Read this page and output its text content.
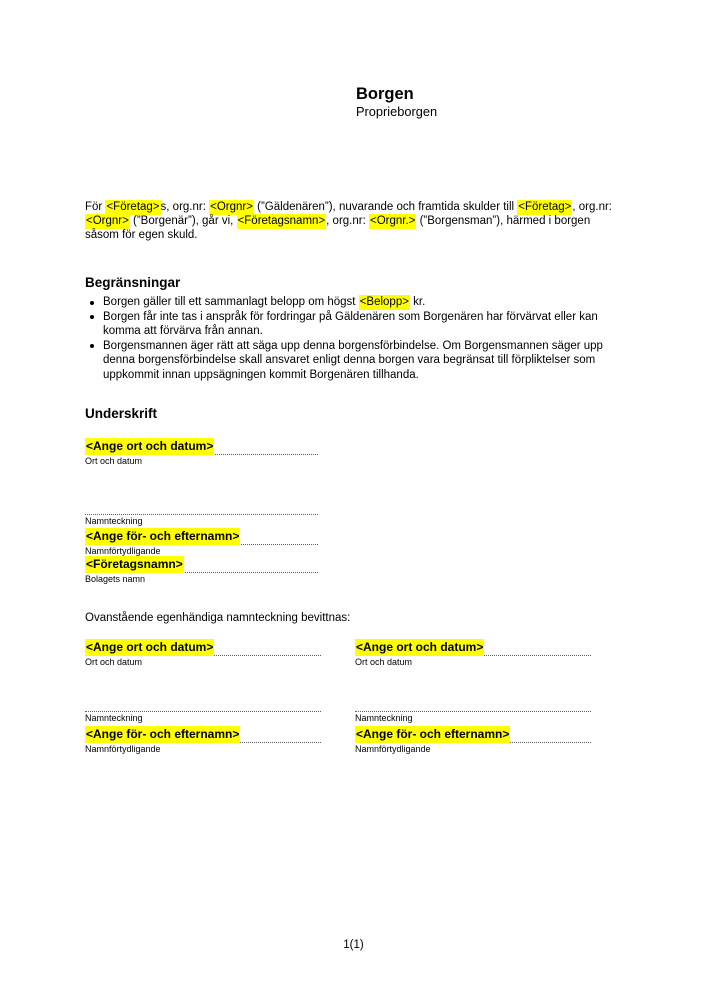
Borgen
Proprieborgen

För <Företag>s, org.nr: <Orgnr> (”Gäldenären”), nuvarande och framtida skulder till <Företag>, org.nr: <Orgnr> (”Borgenär”), går vi, <Företagsnamn>, org.nr: <Orgnr.> (”Borgensman”), härmed i borgen såsom för egen skuld.

Begränsningar
Borgen gäller till ett sammanlagt belopp om högst <Belopp> kr.
Borgen får inte tas i anspråk för fordringar på Gäldenären som Borgenären har förvärvat eller kan komma att förvärva från annan.
Borgensmannen äger rätt att säga upp denna borgensförbindelse. Om Borgensmannen säger upp denna borgensförbindelse skall ansvaret enligt denna borgen vara begränsat till förpliktelser som uppkommit innan uppsägningen kommit Borgenären tillhanda.
Underskrift
<Ange ort och datum>
Ort och datum
Namnteckning
<Ange för- och efternamn>
Namnförtydligande
<Företagsnamn>
Bolagets namn

Ovanstående egenhändiga namnteckning bevittnas:

<Ange ort och datum>
Ort och datum
Namnteckning
<Ange för- och efternamn>
Namnförtydligande
<Ange ort och datum>
Ort och datum
Namnteckning
<Ange för- och efternamn>
Namnförtydligande
1(1)
